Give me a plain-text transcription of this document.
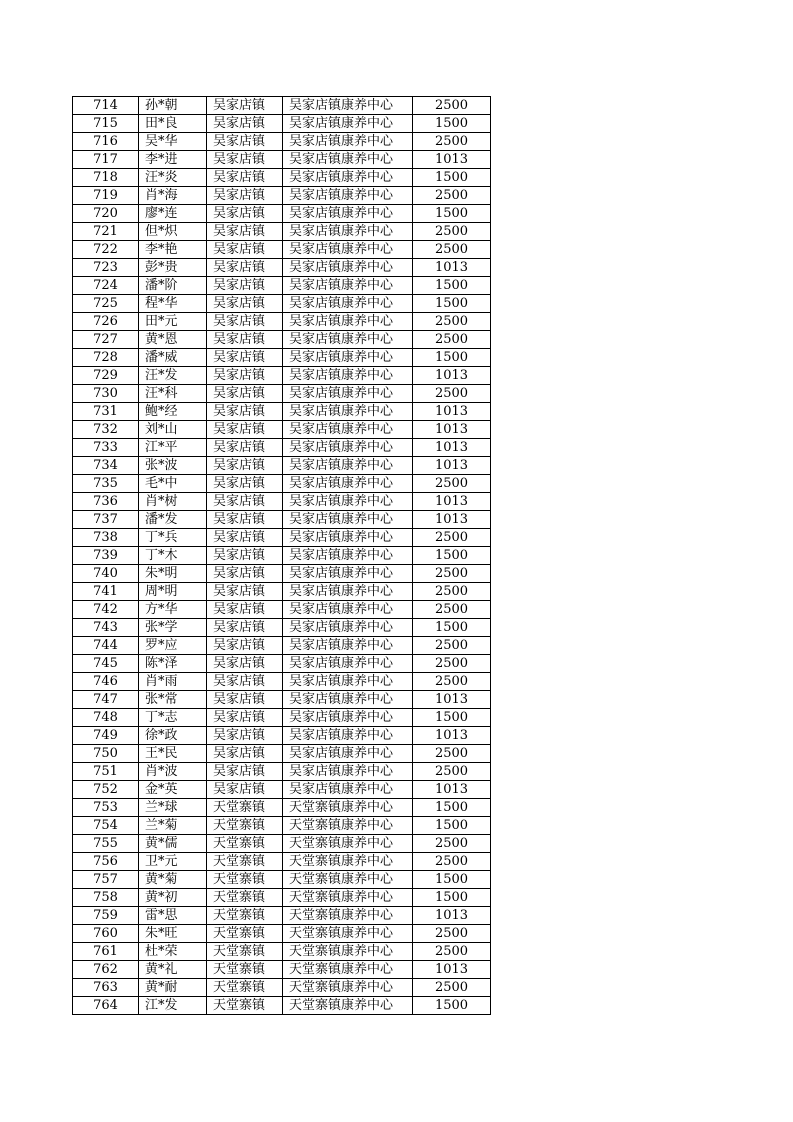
714	孙*朝	吴家店镇	吴家店镇康养中心	2500
715	田*良	吴家店镇	吴家店镇康养中心	1500
716	吴*华	吴家店镇	吴家店镇康养中心	2500
717	李*进	吴家店镇	吴家店镇康养中心	1013
718	汪*炎	吴家店镇	吴家店镇康养中心	1500
719	肖*海	吴家店镇	吴家店镇康养中心	2500
720	廖*连	吴家店镇	吴家店镇康养中心	1500
721	但*炽	吴家店镇	吴家店镇康养中心	2500
722	李*艳	吴家店镇	吴家店镇康养中心	2500
723	彭*贵	吴家店镇	吴家店镇康养中心	1013
724	潘*阶	吴家店镇	吴家店镇康养中心	1500
725	程*华	吴家店镇	吴家店镇康养中心	1500
726	田*元	吴家店镇	吴家店镇康养中心	2500
727	黄*恩	吴家店镇	吴家店镇康养中心	2500
728	潘*威	吴家店镇	吴家店镇康养中心	1500
729	汪*发	吴家店镇	吴家店镇康养中心	1013
730	汪*科	吴家店镇	吴家店镇康养中心	2500
731	鲍*经	吴家店镇	吴家店镇康养中心	1013
732	刘*山	吴家店镇	吴家店镇康养中心	1013
733	江*平	吴家店镇	吴家店镇康养中心	1013
734	张*波	吴家店镇	吴家店镇康养中心	1013
735	毛*中	吴家店镇	吴家店镇康养中心	2500
736	肖*树	吴家店镇	吴家店镇康养中心	1013
737	潘*发	吴家店镇	吴家店镇康养中心	1013
738	丁*兵	吴家店镇	吴家店镇康养中心	2500
739	丁*木	吴家店镇	吴家店镇康养中心	1500
740	朱*明	吴家店镇	吴家店镇康养中心	2500
741	周*明	吴家店镇	吴家店镇康养中心	2500
742	方*华	吴家店镇	吴家店镇康养中心	2500
743	张*学	吴家店镇	吴家店镇康养中心	1500
744	罗*应	吴家店镇	吴家店镇康养中心	2500
745	陈*泽	吴家店镇	吴家店镇康养中心	2500
746	肖*雨	吴家店镇	吴家店镇康养中心	2500
747	张*常	吴家店镇	吴家店镇康养中心	1013
748	丁*志	吴家店镇	吴家店镇康养中心	1500
749	徐*政	吴家店镇	吴家店镇康养中心	1013
750	王*民	吴家店镇	吴家店镇康养中心	2500
751	肖*波	吴家店镇	吴家店镇康养中心	2500
752	金*英	吴家店镇	吴家店镇康养中心	1013
753	兰*球	天堂寨镇	天堂寨镇康养中心	1500
754	兰*菊	天堂寨镇	天堂寨镇康养中心	1500
755	黄*儒	天堂寨镇	天堂寨镇康养中心	2500
756	卫*元	天堂寨镇	天堂寨镇康养中心	2500
757	黄*菊	天堂寨镇	天堂寨镇康养中心	1500
758	黄*初	天堂寨镇	天堂寨镇康养中心	1500
759	雷*思	天堂寨镇	天堂寨镇康养中心	1013
760	朱*旺	天堂寨镇	天堂寨镇康养中心	2500
761	杜*荣	天堂寨镇	天堂寨镇康养中心	2500
762	黄*礼	天堂寨镇	天堂寨镇康养中心	1013
763	黄*耐	天堂寨镇	天堂寨镇康养中心	2500
764	江*发	天堂寨镇	天堂寨镇康养中心	1500
